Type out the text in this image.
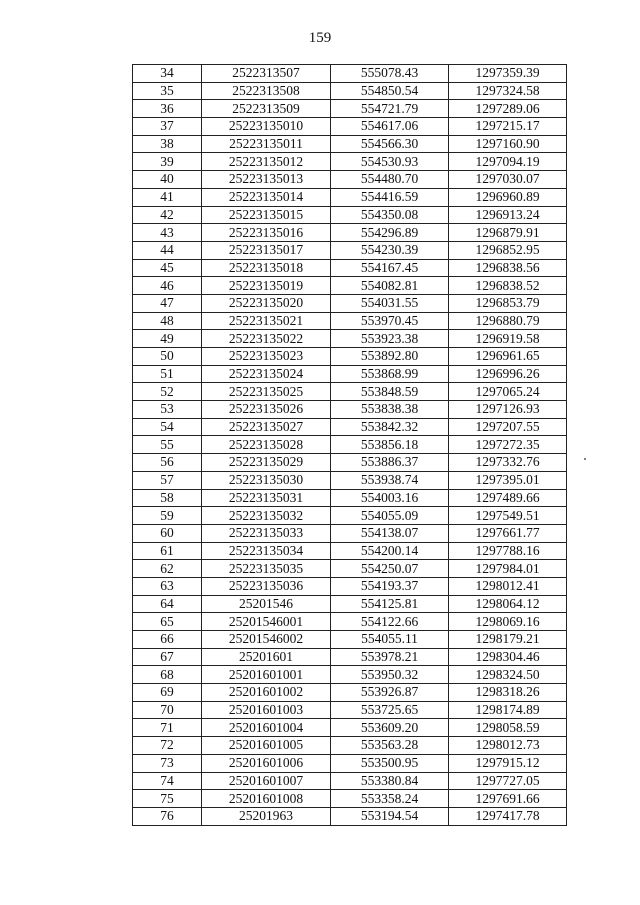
159
34	2522313507	555078.43	1297359.39
35	2522313508	554850.54	1297324.58
36	2522313509	554721.79	1297289.06
37	25223135010	554617.06	1297215.17
38	25223135011	554566.30	1297160.90
39	25223135012	554530.93	1297094.19
40	25223135013	554480.70	1297030.07
41	25223135014	554416.59	1296960.89
42	25223135015	554350.08	1296913.24
43	25223135016	554296.89	1296879.91
44	25223135017	554230.39	1296852.95
45	25223135018	554167.45	1296838.56
46	25223135019	554082.81	1296838.52
47	25223135020	554031.55	1296853.79
48	25223135021	553970.45	1296880.79
49	25223135022	553923.38	1296919.58
50	25223135023	553892.80	1296961.65
51	25223135024	553868.99	1296996.26
52	25223135025	553848.59	1297065.24
53	25223135026	553838.38	1297126.93
54	25223135027	553842.32	1297207.55
55	25223135028	553856.18	1297272.35
56	25223135029	553886.37	1297332.76
57	25223135030	553938.74	1297395.01
58	25223135031	554003.16	1297489.66
59	25223135032	554055.09	1297549.51
60	25223135033	554138.07	1297661.77
61	25223135034	554200.14	1297788.16
62	25223135035	554250.07	1297984.01
63	25223135036	554193.37	1298012.41
64	25201546	554125.81	1298064.12
65	25201546001	554122.66	1298069.16
66	25201546002	554055.11	1298179.21
67	25201601	553978.21	1298304.46
68	25201601001	553950.32	1298324.50
69	25201601002	553926.87	1298318.26
70	25201601003	553725.65	1298174.89
71	25201601004	553609.20	1298058.59
72	25201601005	553563.28	1298012.73
73	25201601006	553500.95	1297915.12
74	25201601007	553380.84	1297727.05
75	25201601008	553358.24	1297691.66
76	25201963	553194.54	1297417.78
